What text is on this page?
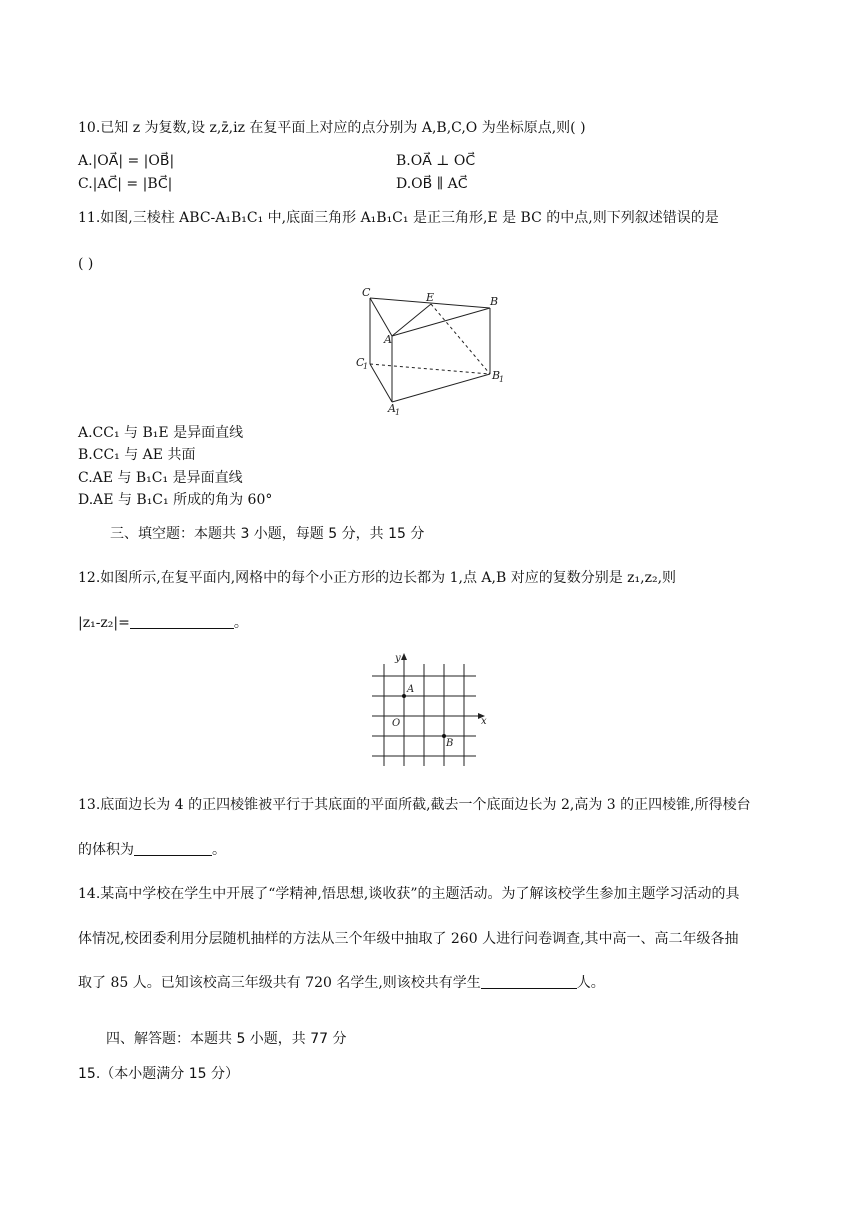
10.已知 z 为复数,设 z,z̄,iz 在复平面上对应的点分别为 A,B,C,O 为坐标原点,则( )
A.|OA⃗| = |OB⃗|	B.OA⃗ ⊥ OC⃗
C.|AC⃗| = |BC⃗|	D.OB⃗ ∥ AC⃗
11.如图,三棱柱 ABC-A₁B₁C₁ 中,底面三角形 A₁B₁C₁ 是正三角形,E 是 BC 的中点,则下列叙述错误的是
( )
C	E	B
A
C
1
B
1
A 1
A.CC₁ 与 B₁E 是异面直线
B.CC₁ 与 AE 共面
C.AE 与 B₁C₁ 是异面直线
D.AE 与 B₁C₁ 所成的角为 60°
三、填空题：本题共 3 小题，每题 5 分，共 15 分
12.如图所示,在复平面内,网格中的每个小正方形的边长都为 1,点 A,B 对应的复数分别是 z₁,z₂,则
|z₁-z₂|=	。
y
x
O
A
B
13.底面边长为 4 的正四棱锥被平行于其底面的平面所截,截去一个底面边长为 2,高为 3 的正四棱锥,所得棱台
的体积为	。
14.某高中学校在学生中开展了“学精神,悟思想,谈收获”的主题活动。为了解该校学生参加主题学习活动的具
体情况,校团委利用分层随机抽样的方法从三个年级中抽取了 260 人进行问卷调查,其中高一、高二年级各抽
取了 85 人。已知该校高三年级共有 720 名学生,则该校共有学生	人。
四、解答题：本题共 5 小题，共 77 分
15.（本小题满分 15 分）
